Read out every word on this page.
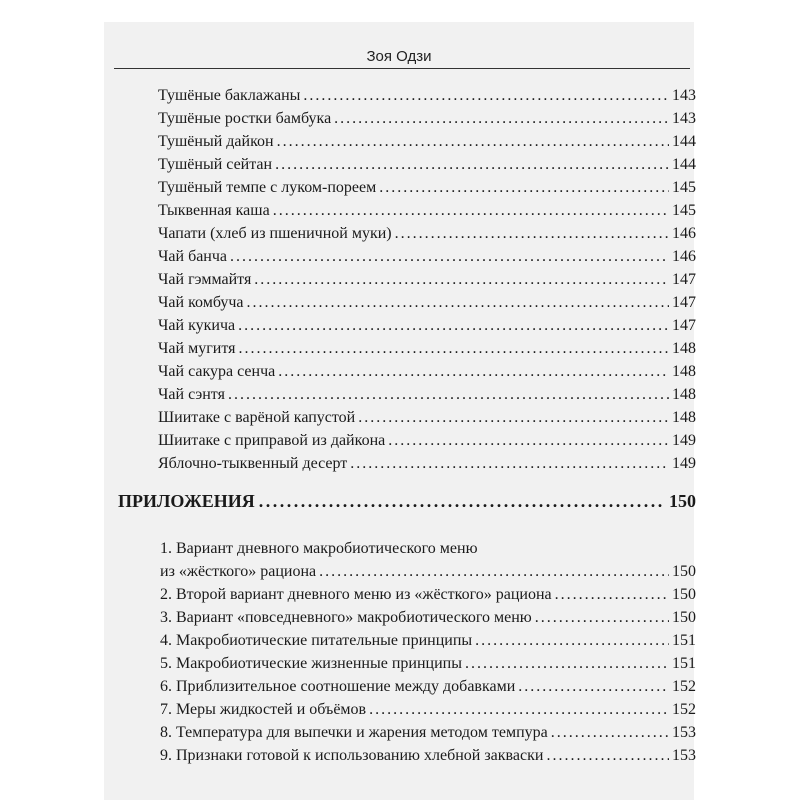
Зоя Одзи
Тушёные баклажаны . . .	143
Тушёные ростки бамбука . . .	143
Тушёный дайкон . . .	144
Тушёный сейтан . . .	144
Тушёный темпе с луком-пореем . . .	145
Тыквенная каша . . .	145
Чапати (хлеб из пшеничной муки) . . .	146
Чай банча . . .	146
Чай гэммайтя . . .	147
Чай комбуча . . .	147
Чай кукича . . .	147
Чай мугитя . . .	148
Чай сакура сенча . . .	148
Чай сэнтя . . .	148
Шиитаке с варёной капустой . . .	148
Шиитаке с приправой из дайкона . . .	149
Яблочно-тыквенный десерт . . .	149
ПРИЛОЖЕНИЯ . . .	150
1. Вариант дневного макробиотического меню
из «жёсткого» рациона . . .	150
2. Второй вариант дневного меню из «жёсткого» рациона . . .	150
3. Вариант «повседневного» макробиотического меню . . .	150
4. Макробиотические питательные принципы . . .	151
5. Макробиотические жизненные принципы . . .	151
6. Приблизительное соотношение между добавками . . .	152
7. Меры жидкостей и объёмов . . .	152
8. Температура для выпечки и жарения методом темпура . . .	153
9. Признаки готовой к использованию хлебной закваски . . .	153
